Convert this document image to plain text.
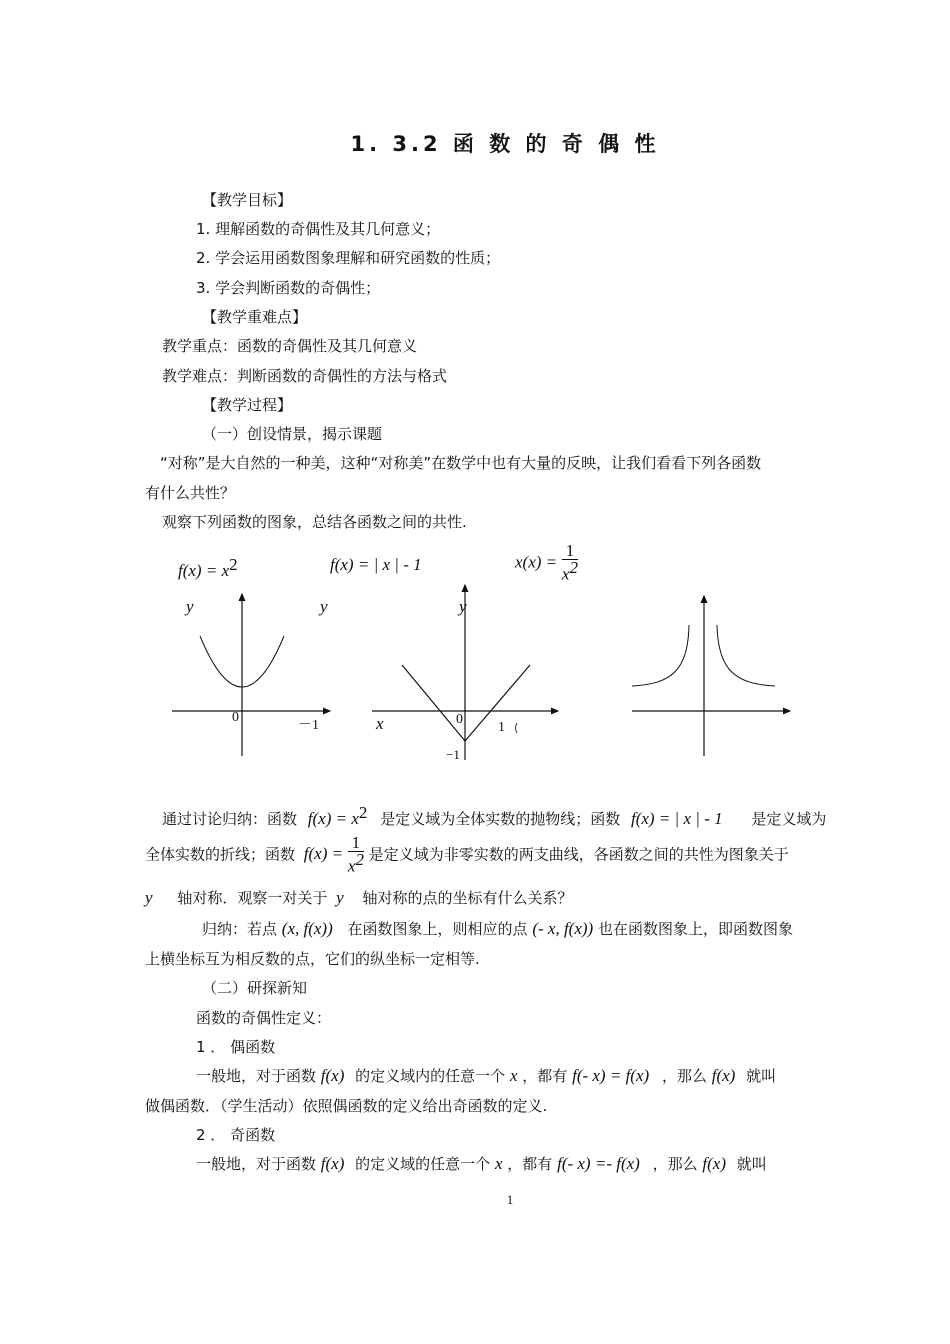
1. 3.2 函 数 的 奇 偶 性
【教学目标】
1. 理解函数的奇偶性及其几何意义；
2. 学会运用函数图象理解和研究函数的性质；
3. 学会判断函数的奇偶性；
【教学重难点】
教学重点：函数的奇偶性及其几何意义
教学难点：判断函数的奇偶性的方法与格式
【教学过程】
（一）创设情景，揭示课题
“对称”是大自然的一种美，这种“对称美”在数学中也有大量的反映，让我们看看下列各函数
有什么共性？
观察下列函数的图象，总结各函数之间的共性.
$f(x) = x^2$	f(x) = | x | - 1	$x(x) = \frac{1}{x^2}$
y
0
－1
y	y
x	0
−1
1
通过讨论归纳：函数 $f(x) = x^2$ 是定义域为全体实数的抛物线；函数 f(x) = | x | - 1 是定义域为
全体实数的折线；函数 $f(x) = \frac{1}{x^2}$ 是定义域为非零实数的两支曲线，各函数之间的共性为图象关于
y 轴对称．观察一对关于 y 轴对称的点的坐标有什么关系？
归纳：若点 (x, f(x)) 在函数图象上，则相应的点 (- x, f(x)) 也在函数图象上，即函数图象
上横坐标互为相反数的点，它们的纵坐标一定相等.
（二）研探新知
函数的奇偶性定义：
1 ． 偶函数
一般地，对于函数 f(x) 的定义域内的任意一个 x ，都有 f(- x) = f(x) ，那么 f(x) 就叫
做偶函数．（学生活动）依照偶函数的定义给出奇函数的定义.
2 ． 奇函数
一般地，对于函数 f(x) 的定义域的任意一个 x ，都有 f(- x) =- f(x) ，那么 f(x) 就叫
1
